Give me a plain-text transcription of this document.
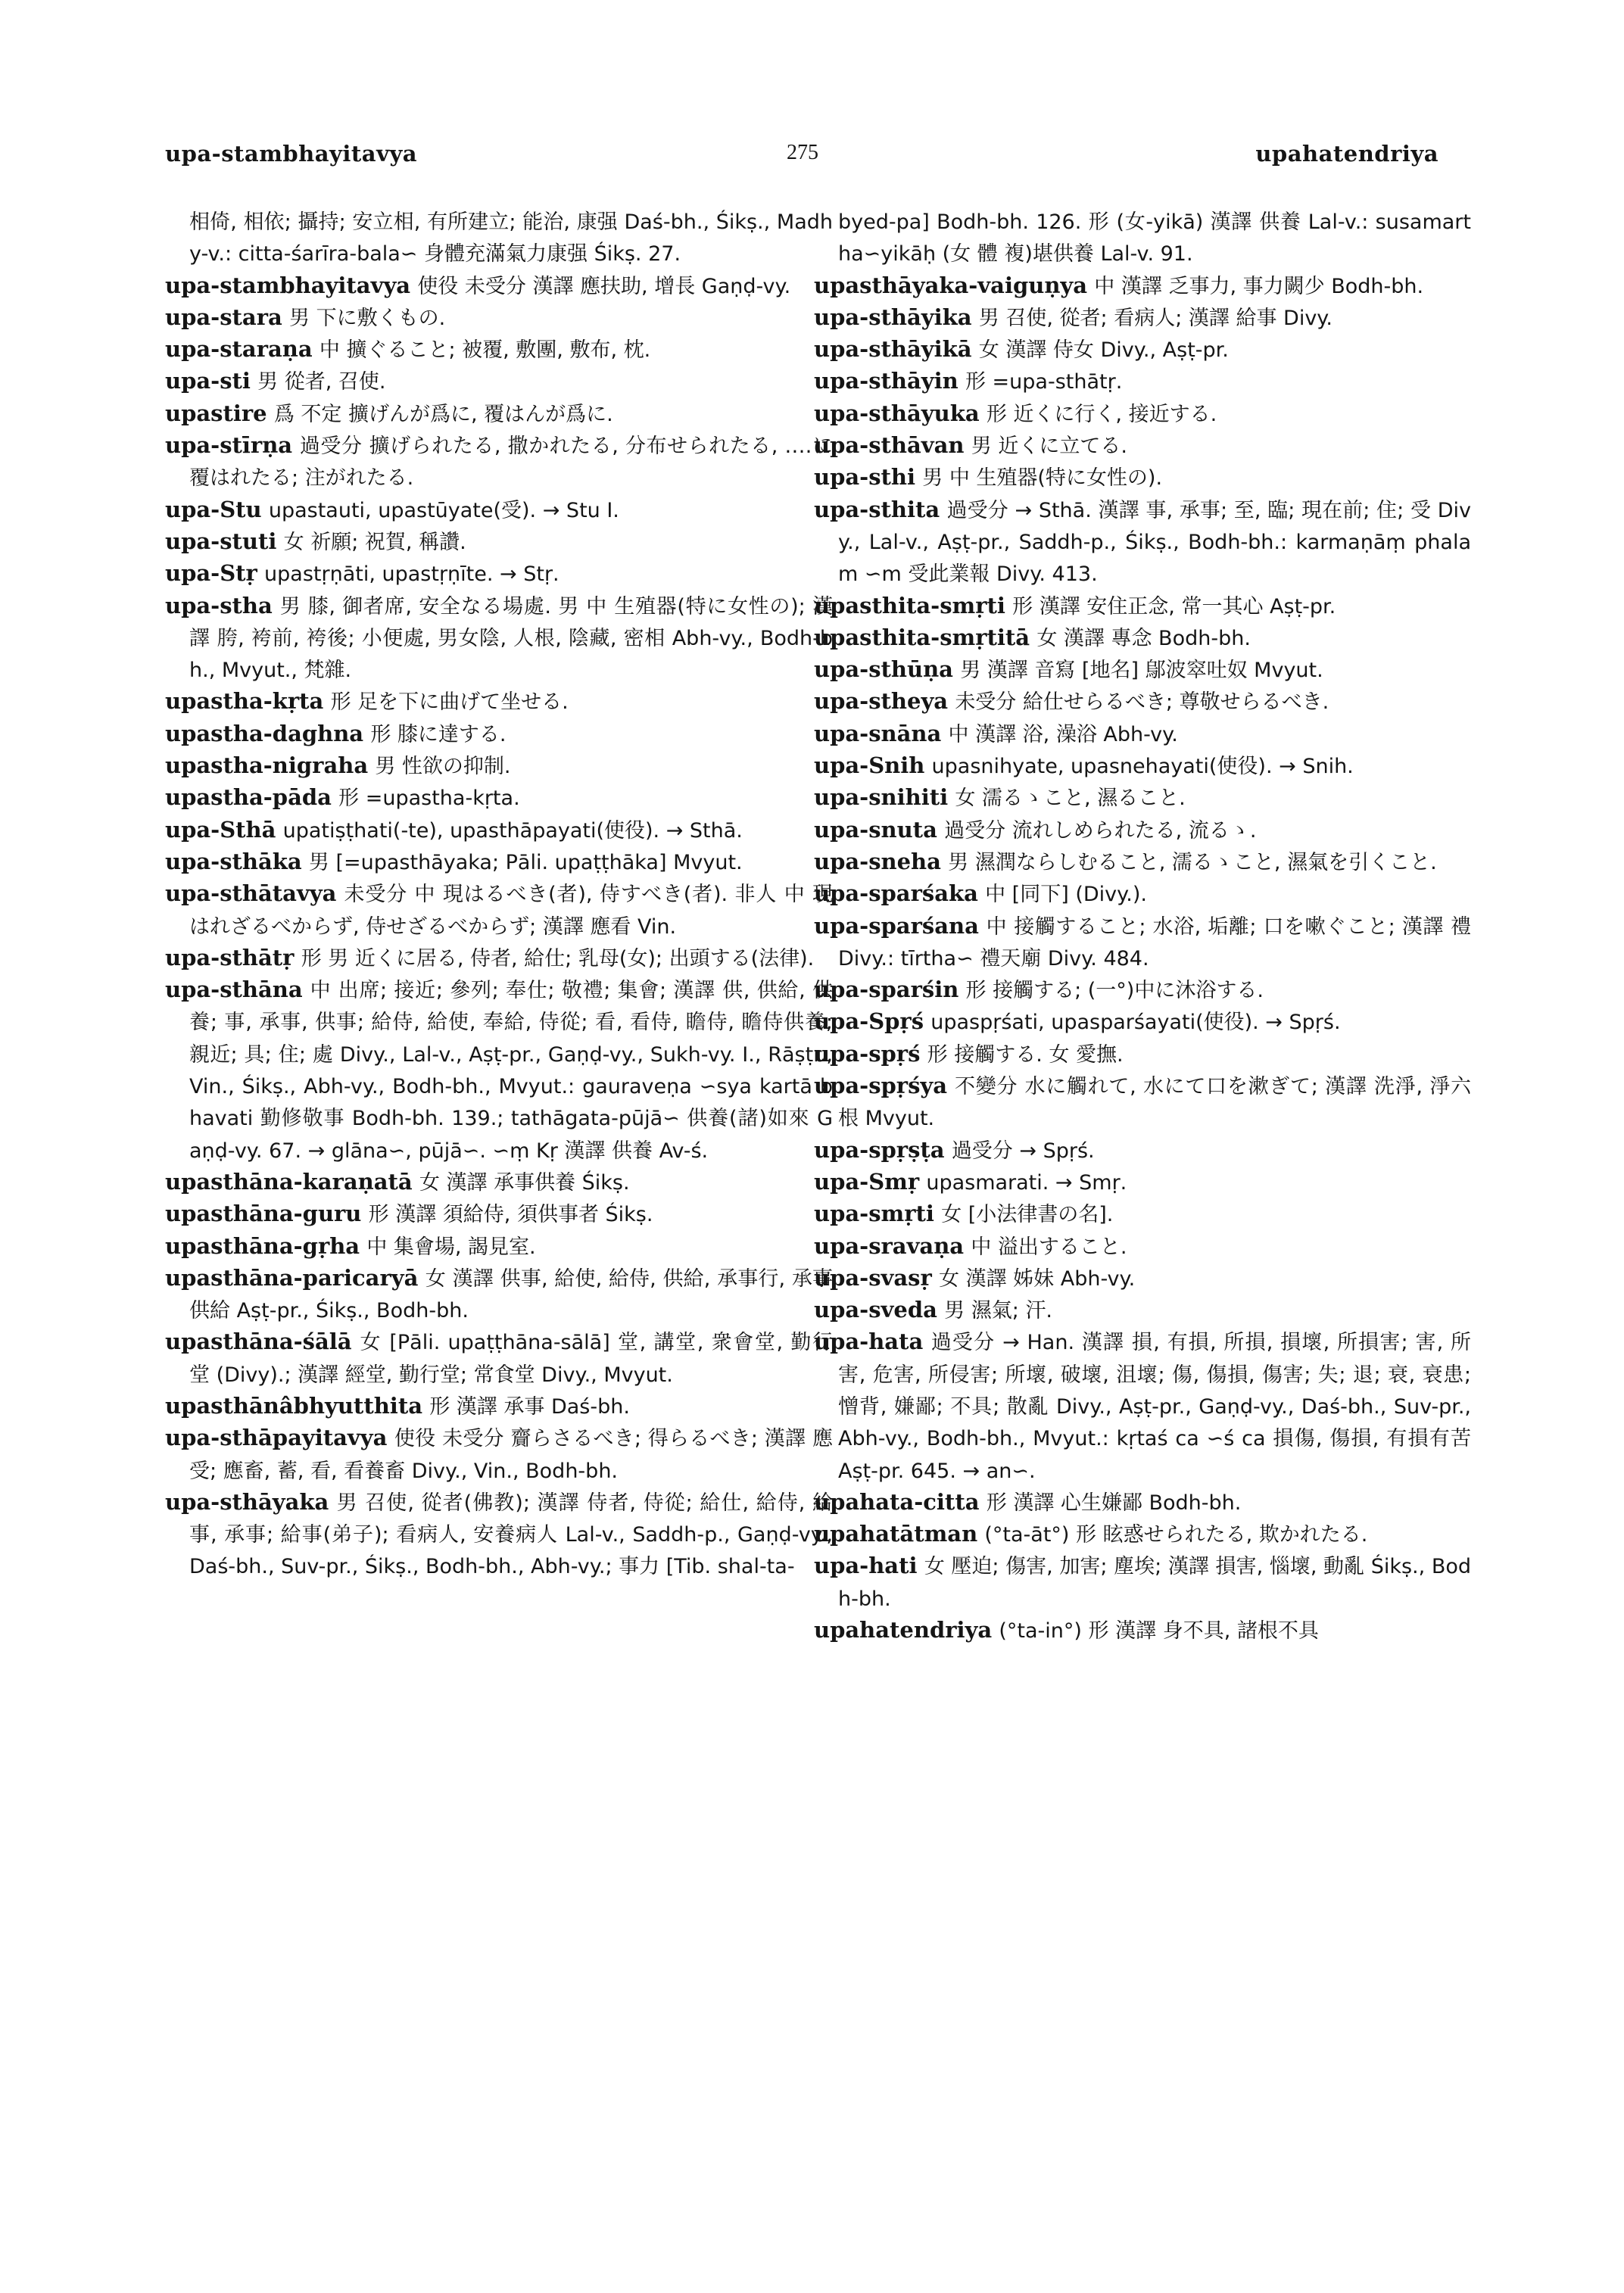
upa-stambhayitavya	275	upahatendriya

相倚, 相依; 攝持; 安立相, 有所建立; 能治, 康强 Daś-bh., Śikṣ., Madhy-v.: citta-śarīra-bala∽ 身體充滿氣力康强 Śikṣ. 27.

upa-stambhayitavya 使役 未受分 漢譯 應扶助, 增長 Gaṇḍ-vy.

upa-stara 男 下に敷くもの.

upa-staraṇa 中 擴ぐること; 被覆, 敷團, 敷布, 枕.

upa-sti 男 從者, 召使.

upastire 爲 不定 擴げんが爲に, 覆はんが爲に.

upa-stīrṇa 過受分 擴げられたる, 撒かれたる, 分布せられたる, ‥‥に覆はれたる; 注がれたる.

upa-Stu upastauti, upastūyate(受). → Stu I.

upa-stuti 女 祈願; 祝賀, 稱讚.

upa-Stṛ upastṛṇāti, upastṛṇīte. → Stṛ.

upa-stha 男 膝, 御者席, 安全なる場處. 男 中 生殖器(特に女性の); 漢譯 胯, 袴前, 袴後; 小便處, 男女陰, 人根, 陰藏, 密相 Abh-vy., Bodh-bh., Mvyut., 梵雜.

upastha-kṛta 形 足を下に曲げて坐せる.

upastha-daghna 形 膝に達する.

upastha-nigraha 男 性欲の抑制.

upastha-pāda 形 =upastha-kṛta.

upa-Sthā upatiṣṭhati(-te), upasthāpayati(使役). → Sthā.

upa-sthāka 男 [=upasthāyaka; Pāli. upaṭṭhāka] Mvyut.

upa-sthātavya 未受分 中 現はるべき(者), 侍すべき(者). 非人 中 現はれざるべからず, 侍せざるべからず; 漢譯 應看 Vin.

upa-sthātṛ 形 男 近くに居る, 侍者, 給仕; 乳母(女); 出頭する(法律).

upa-sthāna 中 出席; 接近; 參列; 奉仕; 敬禮; 集會; 漢譯 供, 供給, 供養; 事, 承事, 供事; 給侍, 給使, 奉給, 侍從; 看, 看侍, 瞻侍, 瞻侍供養; 親近; 具; 住; 處 Divy., Lal-v., Aṣṭ-pr., Gaṇḍ-vy., Sukh-vy. I., Rāṣṭr., Vin., Śikṣ., Abh-vy., Bodh-bh., Mvyut.: gauraveṇa ∽sya kartā bhavati 勤修敬事 Bodh-bh. 139.; tathāgata-pūjā∽ 供養(諸)如來 Gaṇḍ-vy. 67. → glāna∽, pūjā∽. ∽ṃ Kṛ 漢譯 供養 Av-ś.

upasthāna-karaṇatā 女 漢譯 承事供養 Śikṣ.

upasthāna-guru 形 漢譯 須給侍, 須供事者 Śikṣ.

upasthāna-gṛha 中 集會場, 謁見室.

upasthāna-paricaryā 女 漢譯 供事, 給使, 給侍, 供給, 承事行, 承事供給 Aṣṭ-pr., Śikṣ., Bodh-bh.

upasthāna-śālā 女 [Pāli. upaṭṭhāna-sālā] 堂, 講堂, 衆會堂, 勤行堂 (Divy).; 漢譯 經堂, 勤行堂; 常食堂 Divy., Mvyut.

upasthānâbhyutthita 形 漢譯 承事 Daś-bh.

upa-sthāpayitavya 使役 未受分 齎らさるべき; 得らるべき; 漢譯 應受; 應畜, 蓄, 看, 看養畜 Divy., Vin., Bodh-bh.

upa-sthāyaka 男 召使, 從者(佛教); 漢譯 侍者, 侍從; 給仕, 給侍, 給事, 承事; 給事(弟子); 看病人, 安養病人 Lal-v., Saddh-p., Gaṇḍ-vy., Daś-bh., Suv-pr., Śikṣ., Bodh-bh., Abh-vy.; 事力 [Tib. shal-ta-

byed-pa] Bodh-bh. 126. 形 (女-yikā) 漢譯 供養 Lal-v.: susamartha∽yikāḥ (女 體 複)堪供養 Lal-v. 91.

upasthāyaka-vaiguṇya 中 漢譯 乏事力, 事力闕少 Bodh-bh.

upa-sthāyika 男 召使, 從者; 看病人; 漢譯 給事 Divy.

upa-sthāyikā 女 漢譯 侍女 Divy., Aṣṭ-pr.

upa-sthāyin 形 =upa-sthātṛ.

upa-sthāyuka 形 近くに行く, 接近する.

upa-sthāvan 男 近くに立てる.

upa-sthi 男 中 生殖器(特に女性の).

upa-sthita 過受分 → Sthā. 漢譯 事, 承事; 至, 臨; 現在前; 住; 受 Divy., Lal-v., Aṣṭ-pr., Saddh-p., Śikṣ., Bodh-bh.: karmaṇāṃ phalam ∽m 受此業報 Divy. 413.

upasthita-smṛti 形 漢譯 安住正念, 常一其心 Aṣṭ-pr.

upasthita-smṛtitā 女 漢譯 專念 Bodh-bh.

upa-sthūṇa 男 漢譯 音寫 [地名] 鄔波窣吐奴 Mvyut.

upa-stheya 未受分 給仕せらるべき; 尊敬せらるべき.

upa-snāna 中 漢譯 浴, 澡浴 Abh-vy.

upa-Snih upasnihyate, upasnehayati(使役). → Snih.

upa-snihiti 女 濡るゝこと, 濕ること.

upa-snuta 過受分 流れしめられたる, 流るゝ.

upa-sneha 男 濕潤ならしむること, 濡るゝこと, 濕氣を引くこと.

upa-sparśaka 中 [同下] (Divy.).

upa-sparśana 中 接觸すること; 水浴, 垢離; 口を嗽ぐこと; 漢譯 禮 Divy.: tīrtha∽ 禮天廟 Divy. 484.

upa-sparśin 形 接觸する; (一°)中に沐浴する.

upa-Spṛś upaspṛśati, upasparśayati(使役). → Spṛś.

upa-spṛś 形 接觸する. 女 愛撫.

upa-spṛśya 不變分 水に觸れて, 水にて口を漱ぎて; 漢譯 洗淨, 淨六根 Mvyut.

upa-spṛṣṭa 過受分 → Spṛś.

upa-Smṛ upasmarati. → Smṛ.

upa-smṛti 女 [小法律書の名].

upa-sravaṇa 中 溢出すること.

upa-svasṛ 女 漢譯 姊妹 Abh-vy.

upa-sveda 男 濕氣; 汗.

upa-hata 過受分 → Han. 漢譯 損, 有損, 所損, 損壞, 所損害; 害, 所害, 危害, 所侵害; 所壞, 破壞, 沮壞; 傷, 傷損, 傷害; 失; 退; 衰, 衰患; 憎背, 嫌鄙; 不具; 散亂 Divy., Aṣṭ-pr., Gaṇḍ-vy., Daś-bh., Suv-pr., Abh-vy., Bodh-bh., Mvyut.: kṛtaś ca ∽ś ca 損傷, 傷損, 有損有苦 Aṣṭ-pr. 645. → an∽.

upahata-citta 形 漢譯 心生嫌鄙 Bodh-bh.

upahatātman (°ta-āt°) 形 眩惑せられたる, 欺かれたる.

upa-hati 女 壓迫; 傷害, 加害; 塵埃; 漢譯 損害, 惱壞, 動亂 Śikṣ., Bodh-bh.

upahatendriya (°ta-in°) 形 漢譯 身不具, 諸根不具
